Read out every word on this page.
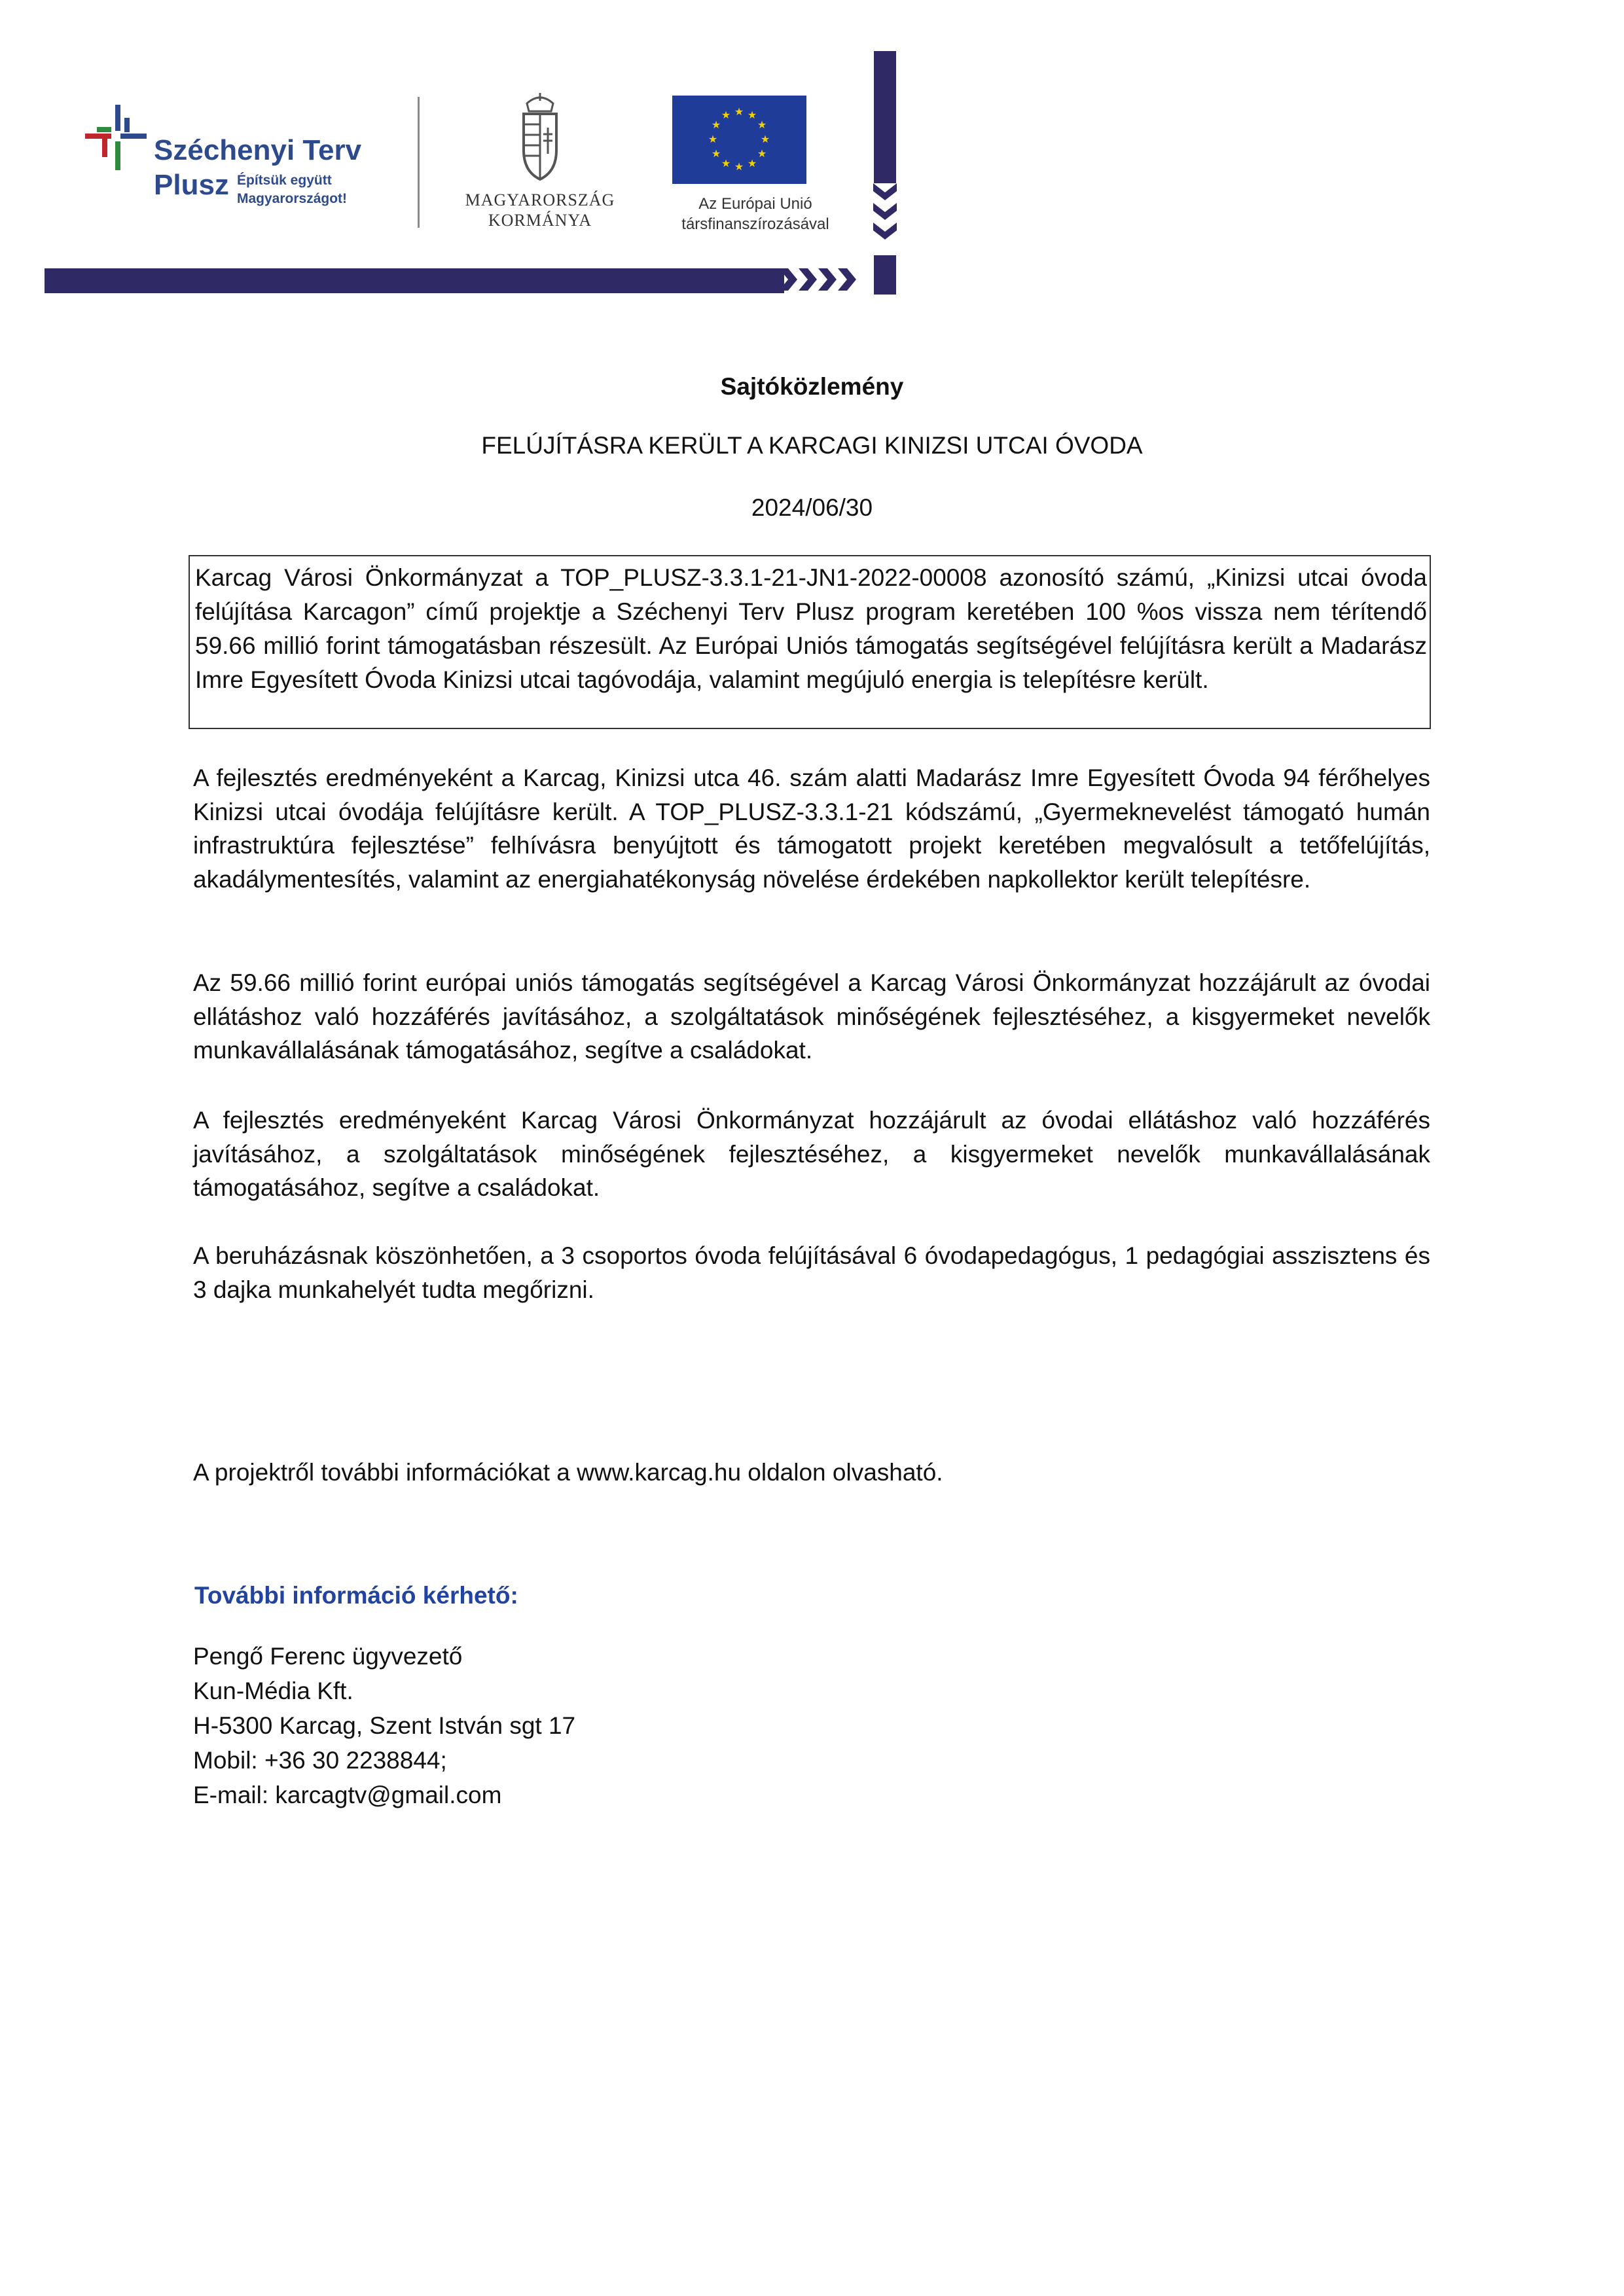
Széchenyi Terv
Plusz Építsük együtt
Magyarországot!	MAGYARORSZÁG
KORMÁNYA
★ ★
★
★
★
★
★
★
★
★
★
★
Az Európai Unió
társfinanszírozásával
Sajtóközlemény
FELÚJÍTÁSRA KERÜLT A KARCAGI KINIZSI UTCAI ÓVODA
2024/06/30
Karcag Városi Önkormányzat a TOP_PLUSZ-3.3.1-21-JN1-2022-00008 azonosító számú, „Kinizsi utcai óvoda felújítása Karcagon” című projektje a Széchenyi Terv Plusz program keretében 100 %os vissza nem térítendő 59.66 millió forint támogatásban részesült. Az Európai Uniós támogatás segítségével felújításra került a Madarász Imre Egyesített Óvoda Kinizsi utcai tagóvodája, valamint megújuló energia is telepítésre került.

A fejlesztés eredményeként a Karcag, Kinizsi utca 46. szám alatti Madarász Imre Egyesített Óvoda 94 férőhelyes Kinizsi utcai óvodája felújításre került. A TOP_PLUSZ-3.3.1-21 kódszámú, „Gyermeknevelést támogató humán infrastruktúra fejlesztése” felhívásra benyújtott és támogatott projekt keretében megvalósult a tetőfelújítás, akadálymentesítés, valamint az energiahatékonyság növelése érdekében napkollektor került telepítésre.

Az 59.66 millió forint európai uniós támogatás segítségével a Karcag Városi Önkormányzat hozzájárult az óvodai ellátáshoz való hozzáférés javításához, a szolgáltatások minőségének fejlesztéséhez, a kisgyermeket nevelők munkavállalásának támogatásához, segítve a családokat.

A fejlesztés eredményeként Karcag Városi Önkormányzat hozzájárult az óvodai ellátáshoz való hozzáférés javításához, a szolgáltatások minőségének fejlesztéséhez, a kisgyermeket nevelők munkavállalásának támogatásához, segítve a családokat.

A beruházásnak köszönhetően, a 3 csoportos óvoda felújításával 6 óvodapedagógus, 1 pedagógiai asszisztens és 3 dajka munkahelyét tudta megőrizni.

A projektről további információkat a www.karcag.hu oldalon olvasható.

További információ kérhető:
Pengő Ferenc ügyvezető
Kun-Média Kft.
H-5300 Karcag, Szent István sgt 17
Mobil: +36 30 2238844;
E-mail: karcagtv@gmail.com
